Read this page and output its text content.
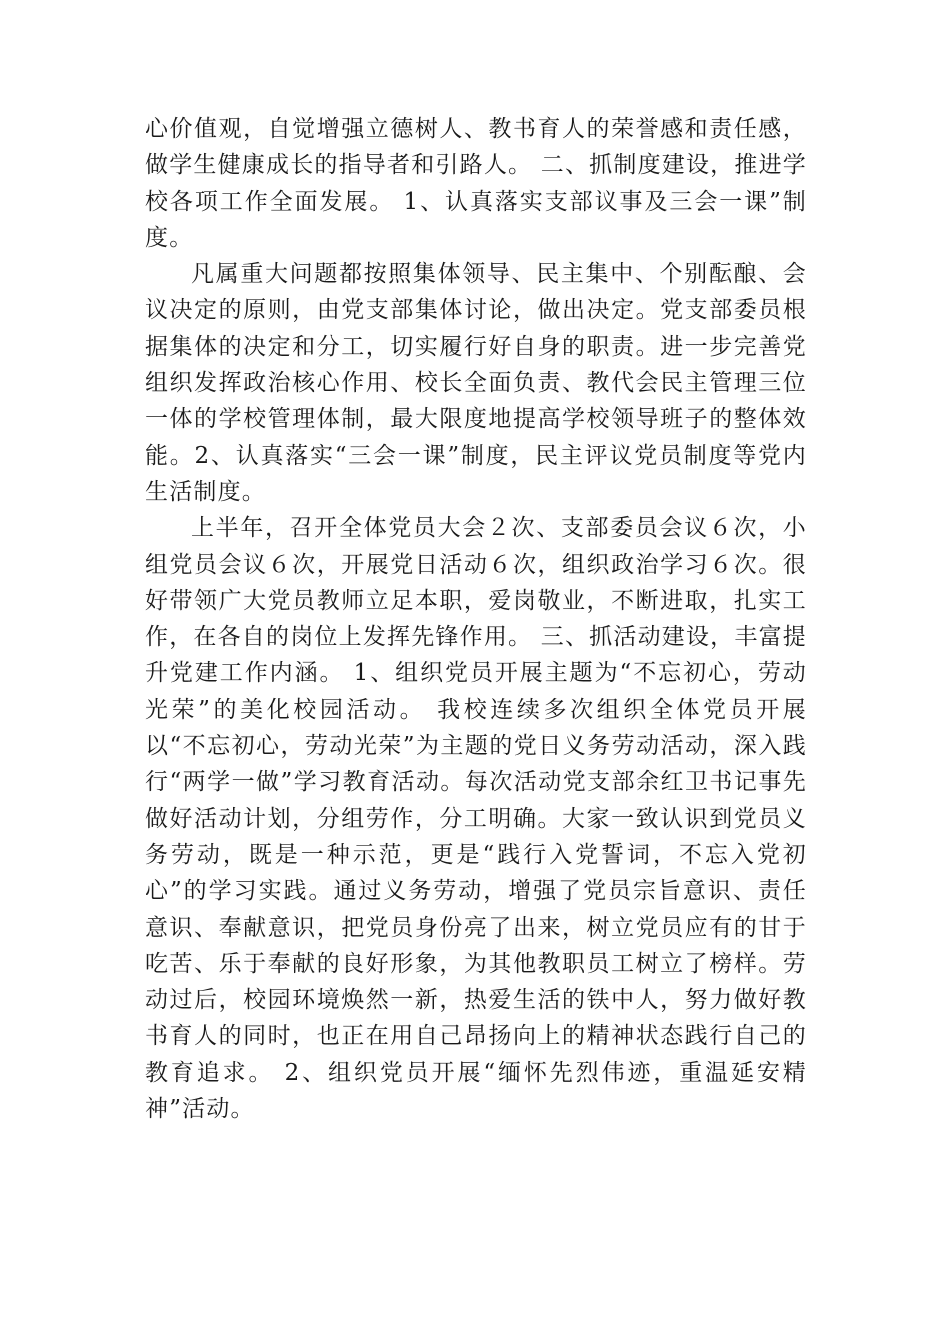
心价值观，自觉增强立德树人、教书育人的荣誉感和责任感，做学生健康成长的指导者和引路人。 二、抓制度建设，推进学校各项工作全面发展。 1、认真落实支部议事及三会一课”制度。

凡属重大问题都按照集体领导、民主集中、个别酝酿、会议决定的原则，由党支部集体讨论，做出决定。党支部委员根据集体的决定和分工，切实履行好自身的职责。进一步完善党组织发挥政治核心作用、校长全面负责、教代会民主管理三位一体的学校管理体制，最大限度地提高学校领导班子的整体效能。2、认真落实“三会一课”制度，民主评议党员制度等党内生活制度。

上半年，召开全体党员大会２次、支部委员会议６次，小组党员会议６次，开展党日活动６次，组织政治学习６次。很好带领广大党员教师立足本职，爱岗敬业，不断进取，扎实工作，在各自的岗位上发挥先锋作用。 三、抓活动建设，丰富提升党建工作内涵。 1、组织党员开展主题为“不忘初心，劳动光荣”的美化校园活动。 我校连续多次组织全体党员开展以“不忘初心，劳动光荣”为主题的党日义务劳动活动，深入践行“两学一做”学习教育活动。每次活动党支部余红卫书记事先做好活动计划，分组劳作，分工明确。大家一致认识到党员义务劳动，既是一种示范，更是“践行入党誓词，不忘入党初心”的学习实践。通过义务劳动，增强了党员宗旨意识、责任意识、奉献意识，把党员身份亮了出来，树立党员应有的甘于吃苦、乐于奉献的良好形象，为其他教职员工树立了榜样。劳动过后，校园环境焕然一新，热爱生活的铁中人，努力做好教书育人的同时，也正在用自己昂扬向上的精神状态践行自己的教育追求。 2、组织党员开展“缅怀先烈伟迹，重温延安精神”活动。
